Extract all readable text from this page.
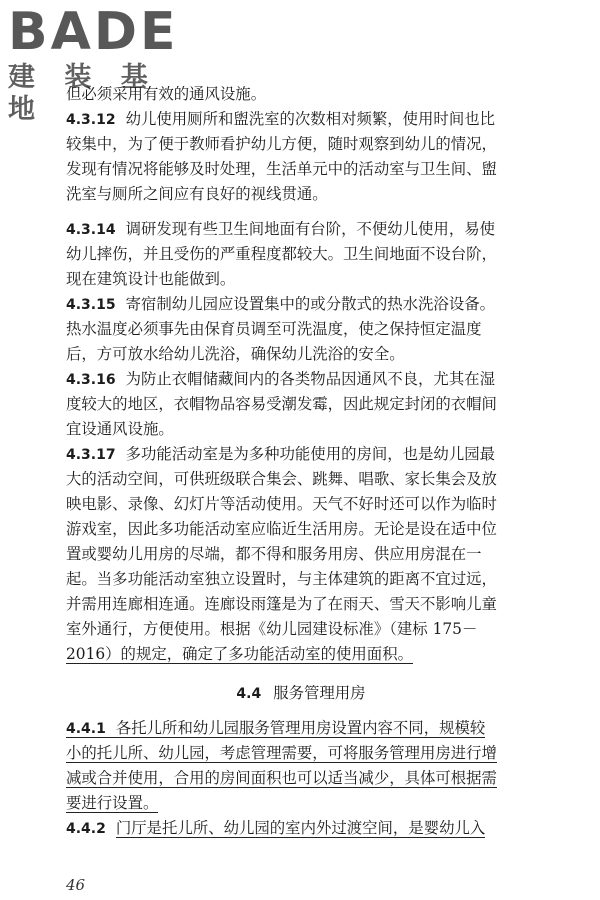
BADE
建 装 基 地	但必须采用有效的通风设施。
4.3.12 幼儿使用厕所和盥洗室的次数相对频繁，使用时间也比
较集中，为了便于教师看护幼儿方便，随时观察到幼儿的情况，
发现有情况将能够及时处理，生活单元中的活动室与卫生间、盥
洗室与厕所之间应有良好的视线贯通。
4.3.14 调研发现有些卫生间地面有台阶，不便幼儿使用，易使
幼儿摔伤，并且受伤的严重程度都较大。卫生间地面不设台阶，
现在建筑设计也能做到。
4.3.15 寄宿制幼儿园应设置集中的或分散式的热水洗浴设备。
热水温度必须事先由保育员调至可洗温度，使之保持恒定温度
后，方可放水给幼儿洗浴，确保幼儿洗浴的安全。
4.3.16 为防止衣帽储藏间内的各类物品因通风不良，尤其在湿
度较大的地区，衣帽物品容易受潮发霉，因此规定封闭的衣帽间
宜设通风设施。
4.3.17 多功能活动室是为多种功能使用的房间，也是幼儿园最
大的活动空间，可供班级联合集会、跳舞、唱歌、家长集会及放
映电影、录像、幻灯片等活动使用。天气不好时还可以作为临时
游戏室，因此多功能活动室应临近生活用房。无论是设在适中位
置或婴幼儿用房的尽端，都不得和服务用房、供应用房混在一
起。当多功能活动室独立设置时，与主体建筑的距离不宜过远，
并需用连廊相连通。连廊设雨篷是为了在雨天、雪天不影响儿童
室外通行，方便使用。根据《幼儿园建设标准》（建标 175－
2016）的规定，确定了多功能活动室的使用面积。
4.4 服务管理用房
4.4.1 各托儿所和幼儿园服务管理用房设置内容不同，规模较
小的托儿所、幼儿园，考虑管理需要，可将服务管理用房进行增
减或合并使用，合用的房间面积也可以适当减少，具体可根据需
要进行设置。
4.4.2 门厅是托儿所、幼儿园的室内外过渡空间，是婴幼儿入
46
